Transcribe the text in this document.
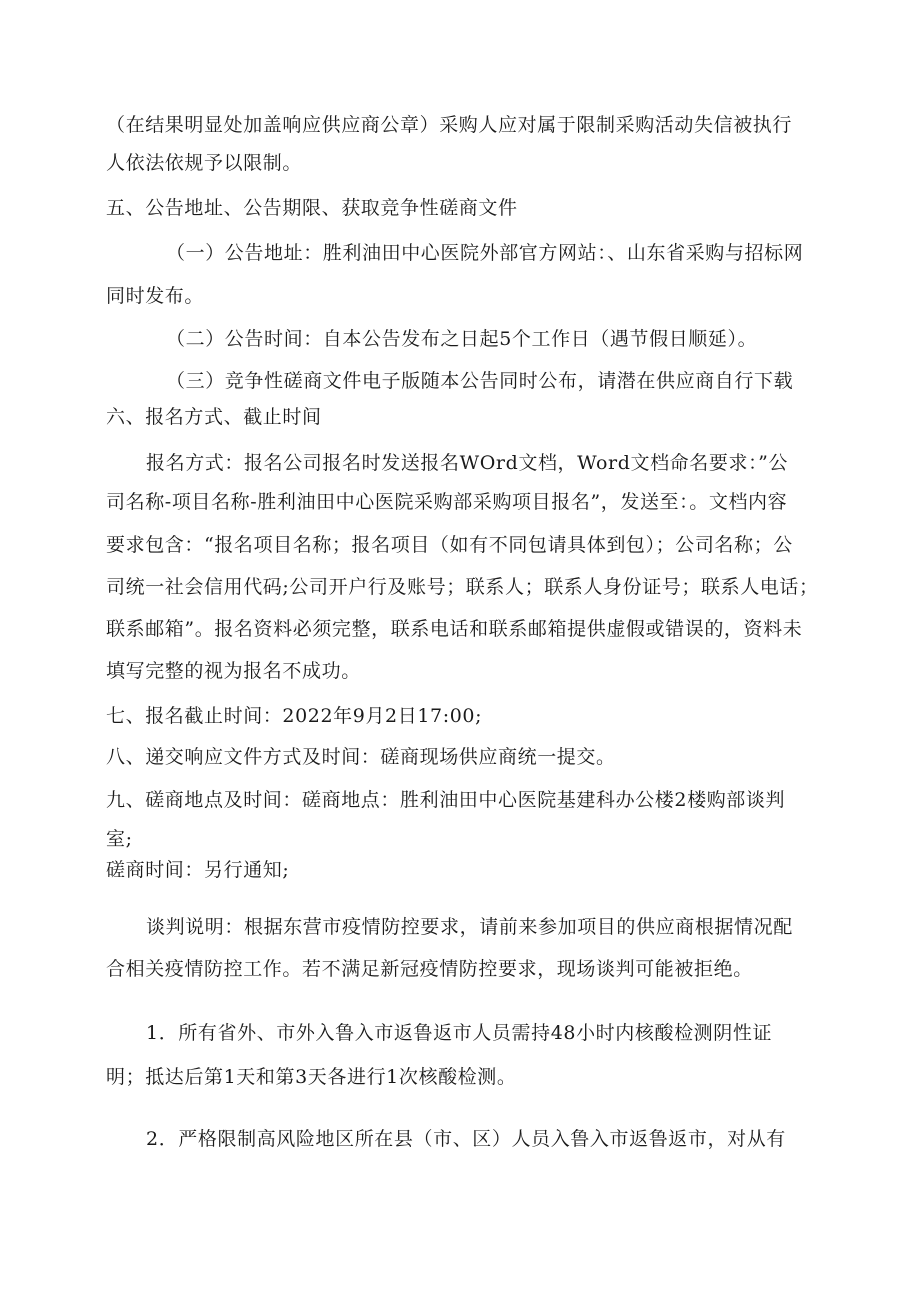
（在结果明显处加盖响应供应商公章）采购人应对属于限制采购活动失信被执行
人依法依规予以限制。
五、公告地址、公告期限、获取竞争性磋商文件
（一）公告地址：胜利油田中心医院外部官方网站：、山东省采购与招标网
同时发布。
（二）公告时间：自本公告发布之日起5个工作日（遇节假日顺延）。
（三）竞争性磋商文件电子版随本公告同时公布，请潜在供应商自行下载
六、报名方式、截止时间
报名方式：报名公司报名时发送报名WOrd文档，Word文档命名要求：”公
司名称-项目名称-胜利油田中心医院采购部采购项目报名”，发送至：。文档内容
要求包含：“报名项目名称；报名项目（如有不同包请具体到包）；公司名称；公
司统一社会信用代码;公司开户行及账号；联系人；联系人身份证号；联系人电话；
联系邮箱”。报名资料必须完整，联系电话和联系邮箱提供虚假或错误的，资料未
填写完整的视为报名不成功。
七、报名截止时间：2022年9月2日17:00;
八、递交响应文件方式及时间：磋商现场供应商统一提交。
九、磋商地点及时间：磋商地点：胜利油田中心医院基建科办公楼2楼购部谈判
室;
磋商时间：另行通知;
谈判说明：根据东营市疫情防控要求，请前来参加项目的供应商根据情况配
合相关疫情防控工作。若不满足新冠疫情防控要求，现场谈判可能被拒绝。
1．所有省外、市外入鲁入市返鲁返市人员需持48小时内核酸检测阴性证
明；抵达后第1天和第3天各进行1次核酸检测。
2．严格限制高风险地区所在县（市、区）人员入鲁入市返鲁返市，对从有
